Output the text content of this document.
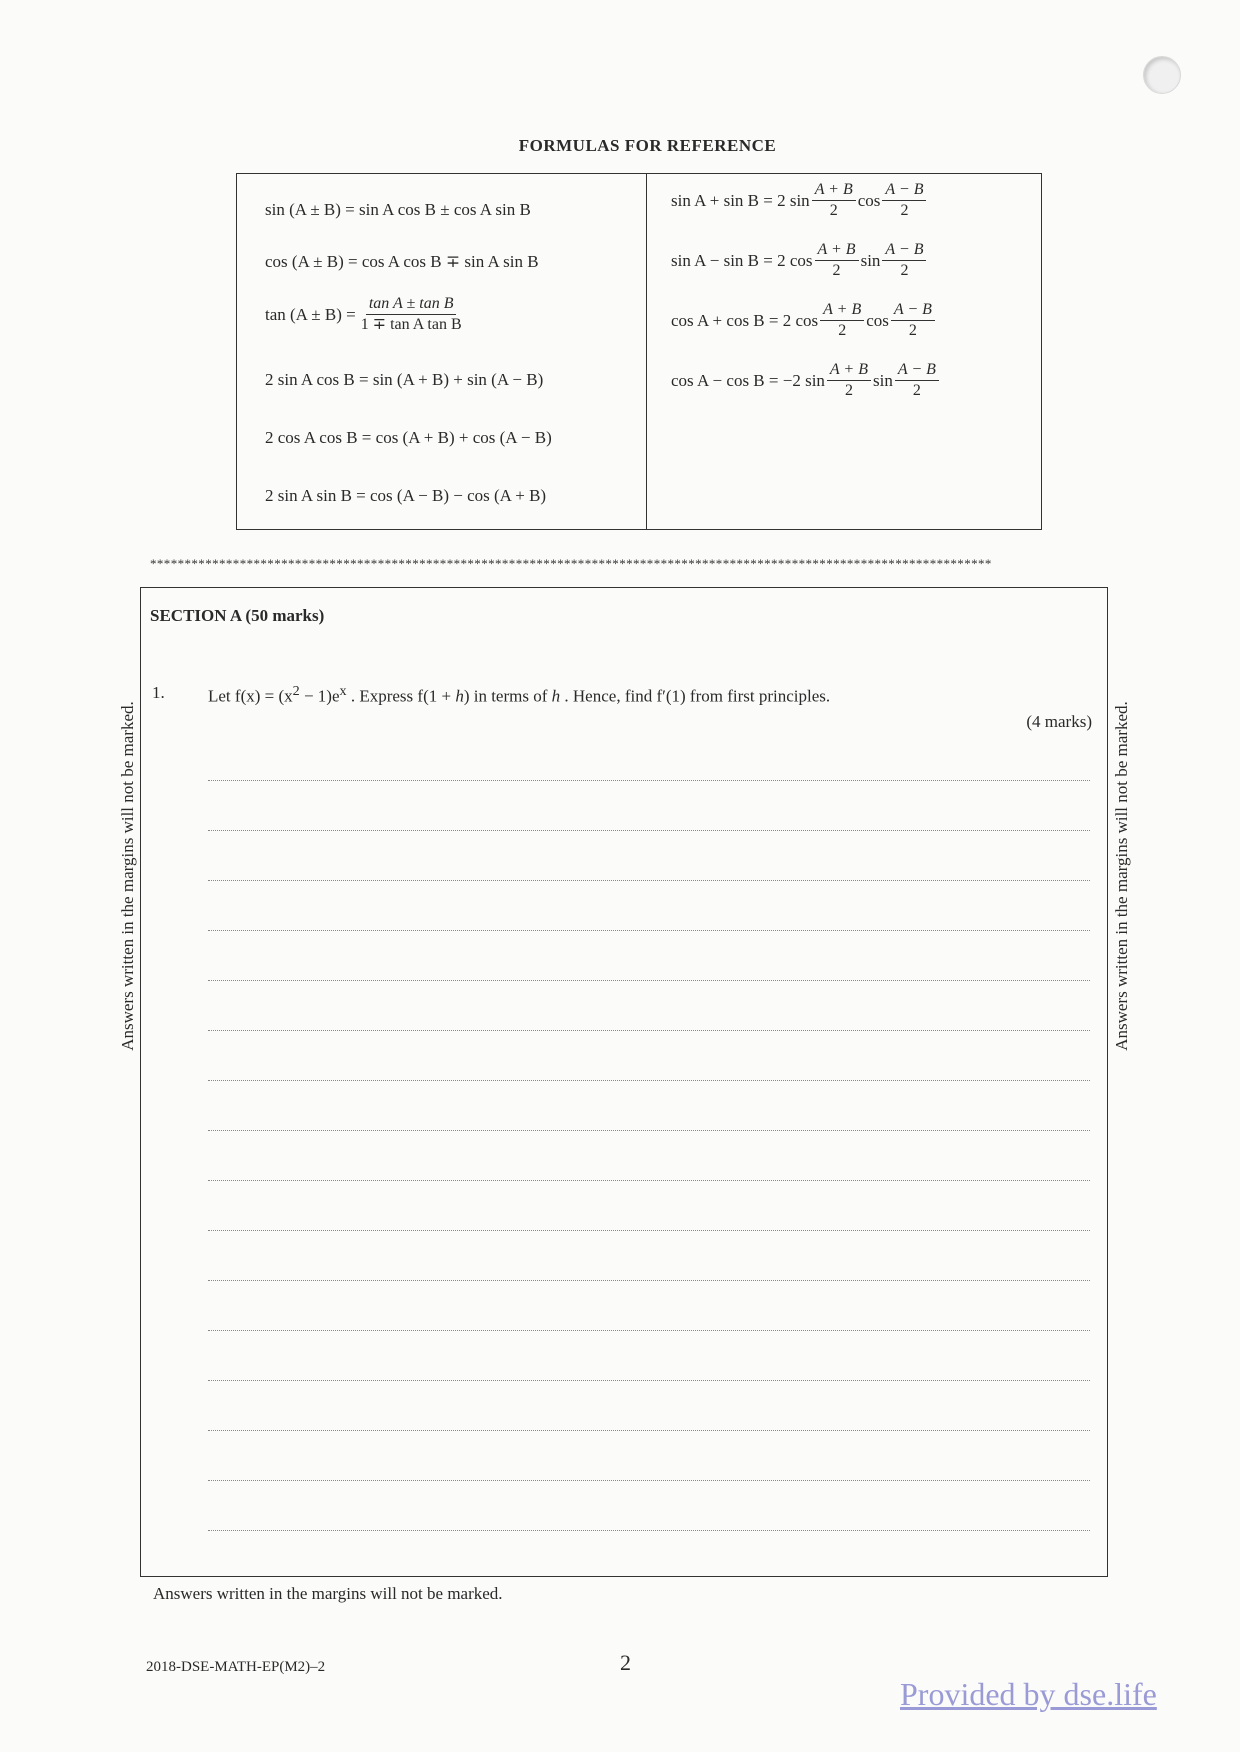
FORMULAS FOR REFERENCE
sin (A ± B) = sin A cos B ± cos A sin B
cos (A ± B) = cos A cos B ∓ sin A sin B
$\tan (A \pm B) = \frac{\text{tan A ± tan B}}{\text{1 ∓ tan A tan B}}$
2 sin A cos B = sin (A + B) + sin (A − B)
2 cos A cos B = cos (A + B) + cos (A − B)
2 sin A sin B = cos (A − B) − cos (A + B)
sin A + sin B = 2 $\sin \frac{A + B}{2}$ $\cos \frac{A - B}{2}$
sin A − sin B = 2 $\cos \frac{A + B}{2}$ $\sin \frac{A - B}{2}$
cos A + cos B = 2 $\cos \frac{A + B}{2}$ $\cos \frac{A - B}{2}$
cos A − cos B = −2 $\sin \frac{A + B}{2}$ $\sin \frac{A - B}{2}$
**************************************************************************************************************************
SECTION A (50 marks)
1.	Let $f(x) = (x^2 - 1)e^x$ . Express f(1 + h) in terms of h . Hence, find f′(1) from first principles.
(4 marks)
Answers written in the margins will not be marked.	Answers written in the margins will not be marked.
Answers written in the margins will not be marked.
2018-DSE-MATH-EP(M2)–2	2
Provided by dse.life
